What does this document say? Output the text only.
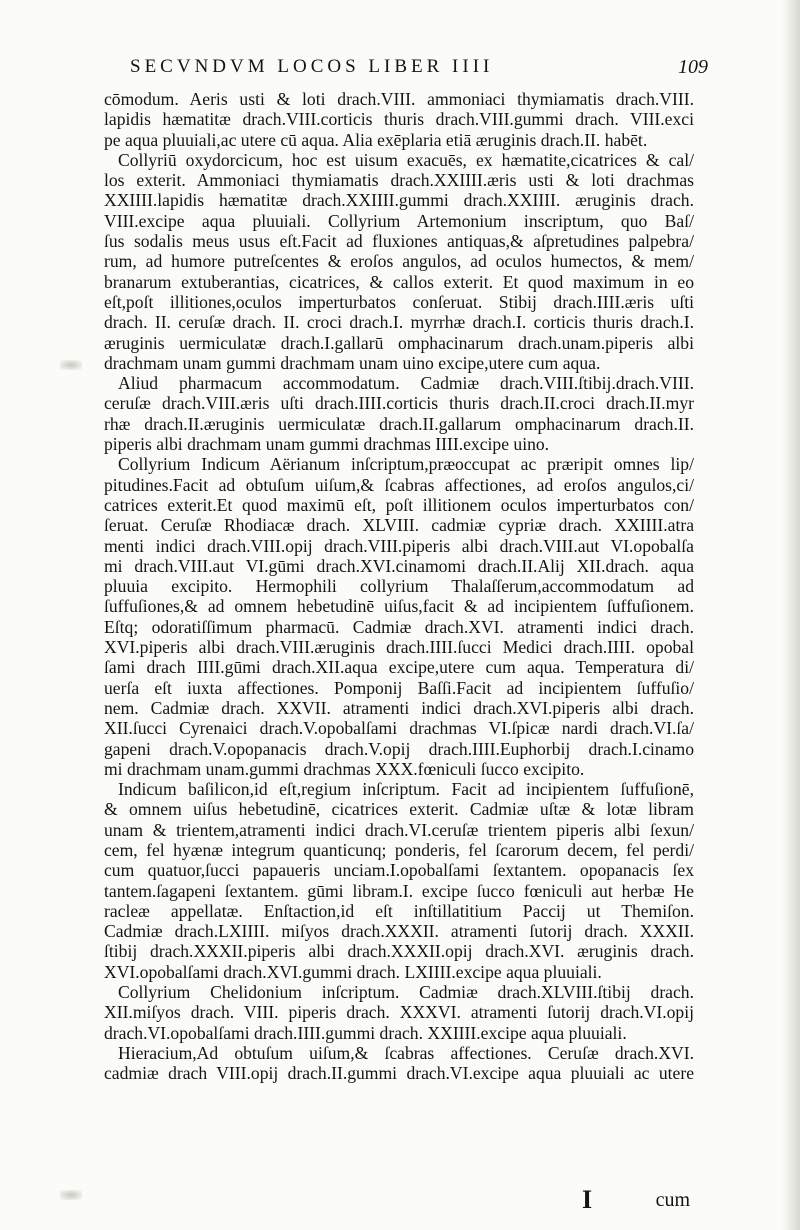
SECVNDVM LOCOS LIBER IIII	109
cōmodum. Aeris usti & loti drach.VIII. ammoniaci thymiamatis drach.VIII.
lapidis hæmatitæ drach.VIII.corticis thuris drach.VIII.gummi drach. VIII.exci
pe aqua pluuiali,ac utere cū aqua. Alia exēplaria etiā æruginis drach.II. habēt.
Collyriū oxydorcicum, hoc est uisum exacuēs, ex hæmatite,cicatrices & cal/
los exterit. Ammoniaci thymiamatis drach.XXIIII.æris usti & loti drachmas
XXIIII.lapidis hæmatitæ drach.XXIIII.gummi drach.XXIIII. æruginis drach.
VIII.excipe aqua pluuiali. Collyrium Artemonium inscriptum, quo Baſ/
ſus sodalis meus usus eſt.Facit ad fluxiones antiquas,& aſpretudines palpebra/
rum, ad humore putreſcentes & eroſos angulos, ad oculos humectos, & mem/
branarum extuberantias, cicatrices, & callos exterit. Et quod maximum in eo
eſt,poſt illitiones,oculos imperturbatos conſeruat. Stibij drach.IIII.æris uſti
drach. II. ceruſæ drach. II. croci drach.I. myrrhæ drach.I. corticis thuris drach.I.
æruginis uermiculatæ drach.I.gallarū omphacinarum drach.unam.piperis albi
drachmam unam gummi drachmam unam uino excipe,utere cum aqua.
Aliud pharmacum accommodatum. Cadmiæ drach.VIII.ſtibij.drach.VIII.
ceruſæ drach.VIII.æris uſti drach.IIII.corticis thuris drach.II.croci drach.II.myr
rhæ drach.II.æruginis uermiculatæ drach.II.gallarum omphacinarum drach.II.
piperis albi drachmam unam gummi drachmas IIII.excipe uino.
Collyrium Indicum Aërianum inſcriptum,præoccupat ac præripit omnes lip/
pitudines.Facit ad obtuſum uiſum,& ſcabras affectiones, ad eroſos angulos,ci/
catrices exterit.Et quod maximū eſt, poſt illitionem oculos imperturbatos con/
ſeruat. Ceruſæ Rhodiacæ drach. XLVIII. cadmiæ cypriæ drach. XXIIII.atra
menti indici drach.VIII.opij drach.VIII.piperis albi drach.VIII.aut VI.opobalſa
mi drach.VIII.aut VI.gūmi drach.XVI.cinamomi drach.II.Alij XII.drach. aqua
pluuia excipito. Hermophili collyrium Thalaſſerum,accommodatum ad
ſuffuſiones,& ad omnem hebetudinē uiſus,facit & ad incipientem ſuffuſionem.
Eſtq; odoratiſſimum pharmacū. Cadmiæ drach.XVI. atramenti indici drach.
XVI.piperis albi drach.VIII.æruginis drach.IIII.ſucci Medici drach.IIII. opobal
ſami drach IIII.gūmi drach.XII.aqua excipe,utere cum aqua. Temperatura di/
uerſa eſt iuxta affectiones. Pomponij Baſſi.Facit ad incipientem ſuffuſio/
nem. Cadmiæ drach. XXVII. atramenti indici drach.XVI.piperis albi drach.
XII.ſucci Cyrenaici drach.V.opobalſami drachmas VI.ſpicæ nardi drach.VI.ſa/
gapeni drach.V.opopanacis drach.V.opij drach.IIII.Euphorbij drach.I.cinamo
mi drachmam unam.gummi drachmas XXX.fœniculi ſucco excipito.
Indicum baſilicon,id eſt,regium inſcriptum. Facit ad incipientem ſuffuſionē,
& omnem uiſus hebetudinē, cicatrices exterit. Cadmiæ uſtæ & lotæ libram
unam & trientem,atramenti indici drach.VI.ceruſæ trientem piperis albi ſexun/
cem, fel hyænæ integrum quanticunq; ponderis, fel ſcarorum decem, fel perdi/
cum quatuor,ſucci papaueris unciam.I.opobalſami ſextantem. opopanacis ſex
tantem.ſagapeni ſextantem. gūmi libram.I. excipe ſucco fœniculi aut herbæ He
racleæ appellatæ. Enſtaction,id eſt inſtillatitium Paccij ut Themiſon.
Cadmiæ drach.LXIIII. miſyos drach.XXXII. atramenti ſutorij drach. XXXII.
ſtibij drach.XXXII.piperis albi drach.XXXII.opij drach.XVI. æruginis drach.
XVI.opobalſami drach.XVI.gummi drach. LXIIII.excipe aqua pluuiali.
Collyrium Chelidonium inſcriptum. Cadmiæ drach.XLVIII.ſtibij drach.
XII.miſyos drach. VIII. piperis drach. XXXVI. atramenti ſutorij drach.VI.opij
drach.VI.opobalſami drach.IIII.gummi drach. XXIIII.excipe aqua pluuiali.
Hieracium,Ad obtuſum uiſum,& ſcabras affectiones. Ceruſæ drach.XVI.
cadmiæ drach VIII.opij drach.II.gummi drach.VI.excipe aqua pluuiali ac utere
I	cum
